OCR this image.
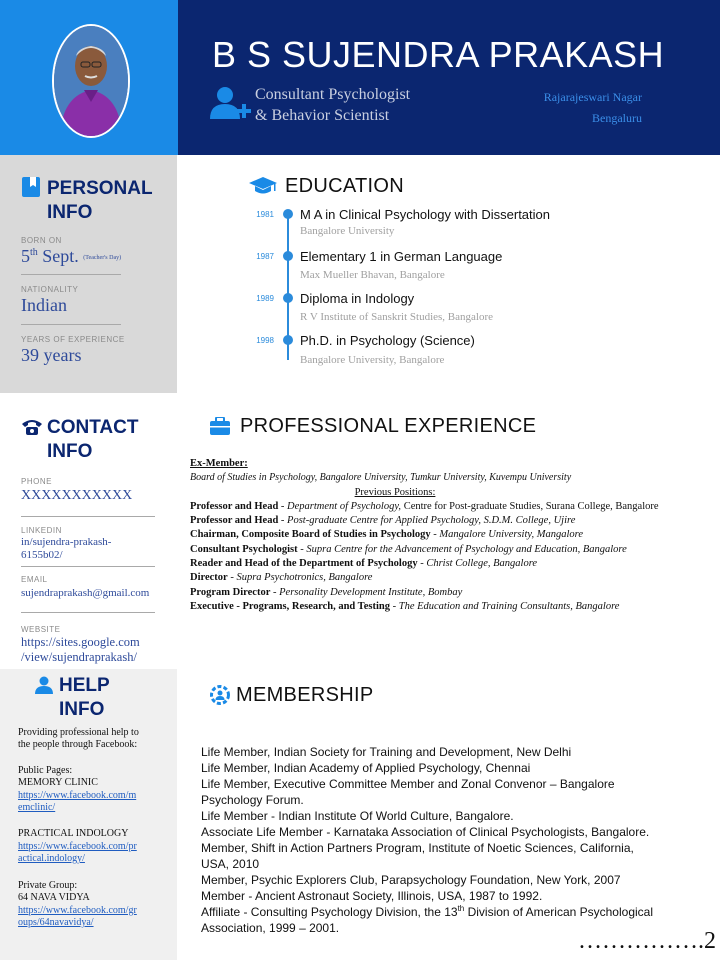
B S SUJENDRA PRAKASH
Consultant Psychologist
& Behavior Scientist
Rajarajeswari Nagar
Bengaluru
PERSONAL
INFO
BORN ON
5th Sept. (Teacher's Day)
NATIONALITY
Indian
YEARS OF EXPERIENCE
39 years
CONTACT
INFO
PHONE
XXXXXXXXXXX
LINKEDIN
in/sujendra-prakash-
6155b02/
EMAIL
sujendraprakash@gmail.com
WEBSITE
https://sites.google.com
/view/sujendraprakash/
HELP
INFO
Providing professional help to
the people through Facebook:
Public Pages:
MEMORY CLINIC
https://www.facebook.com/m
emclinic/
PRACTICAL INDOLOGY
https://www.facebook.com/pr
actical.indology/
Private Group:
64 NAVA VIDYA
https://www.facebook.com/gr
oups/64navavidya/
EDUCATION
1981 M A in Clinical Psychology with Dissertation
Bangalore University
1987 Elementary 1 in German Language
Max Mueller Bhavan, Bangalore
1989 Diploma in Indology
R V Institute of Sanskrit Studies, Bangalore
1998 Ph.D. in Psychology (Science)
Bangalore University, Bangalore
PROFESSIONAL EXPERIENCE
Ex-Member:
Board of Studies in Psychology, Bangalore University, Tumkur University, Kuvempu University
Previous Positions:
Professor and Head - Department of Psychology, Centre for Post-graduate Studies, Surana College, Bangalore
Professor and Head - Post-graduate Centre for Applied Psychology, S.D.M. College, Ujire
Chairman, Composite Board of Studies in Psychology - Mangalore University, Mangalore
Consultant Psychologist - Supra Centre for the Advancement of Psychology and Education, Bangalore
Reader and Head of the Department of Psychology - Christ College, Bangalore
Director - Supra Psychotronics, Bangalore
Program Director - Personality Development Institute, Bombay
Executive - Programs, Research, and Testing - The Education and Training Consultants, Bangalore
MEMBERSHIP
Life Member, Indian Society for Training and Development, New Delhi
Life Member, Indian Academy of Applied Psychology, Chennai
Life Member, Executive Committee Member and Zonal Convenor – Bangalore
Psychology Forum.
Life Member - Indian Institute Of World Culture, Bangalore.
Associate Life Member - Karnataka Association of Clinical Psychologists, Bangalore.
Member, Shift in Action Partners Program, Institute of Noetic Sciences, California,
USA, 2010
Member, Psychic Explorers Club, Parapsychology Foundation, New York, 2007
Member - Ancient Astronaut Society, Illinois, USA, 1987 to 1992.
Affiliate - Consulting Psychology Division, the 13th Division of American Psychological
Association, 1999 – 2001.	…………….2
